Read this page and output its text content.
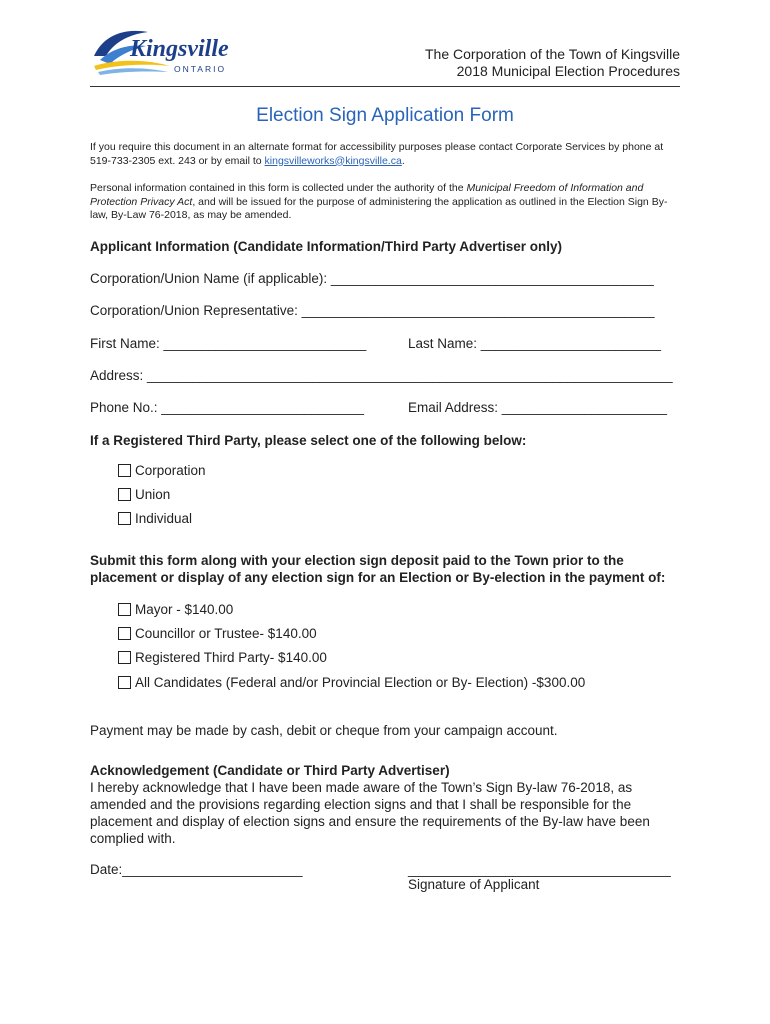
Kingsville
ONTARIO
The Corporation of the Town of Kingsville
2018 Municipal Election Procedures
Election Sign Application Form
If you require this document in an alternate format for accessibility purposes please contact Corporate Services by phone at 519-733-2305 ext. 243 or by email to kingsvilleworks@kingsville.ca.
Personal information contained in this form is collected under the authority of the Municipal Freedom of Information and Protection Privacy Act, and will be issued for the purpose of administering the application as outlined in the Election Sign By-law, By-Law 76-2018, as may be amended.
Applicant Information (Candidate Information/Third Party Advertiser only)
Corporation/Union Name (if applicable): ___________________________________________
Corporation/Union Representative: _______________________________________________
First Name: ___________________________	Last Name: ________________________
Address: ______________________________________________________________________
Phone No.: ___________________________	Email Address: ______________________
If a Registered Third Party, please select one of the following below:
Corporation
Union
Individual
Submit this form along with your election sign deposit paid to the Town prior to the placement or display of any election sign for an Election or By-election in the payment of:
Mayor - $140.00
Councillor or Trustee- $140.00
Registered Third Party- $140.00
All Candidates (Federal and/or Provincial Election or By- Election) -$300.00
Payment may be made by cash, debit or cheque from your campaign account.
Acknowledgement (Candidate or Third Party Advertiser)
I hereby acknowledge that I have been made aware of the Town’s Sign By-law 76-2018, as amended and the provisions regarding election signs and that I shall be responsible for the placement and display of election signs and ensure the requirements of the By-law have been complied with.
Date:________________________	___________________________________
Signature of Applicant
